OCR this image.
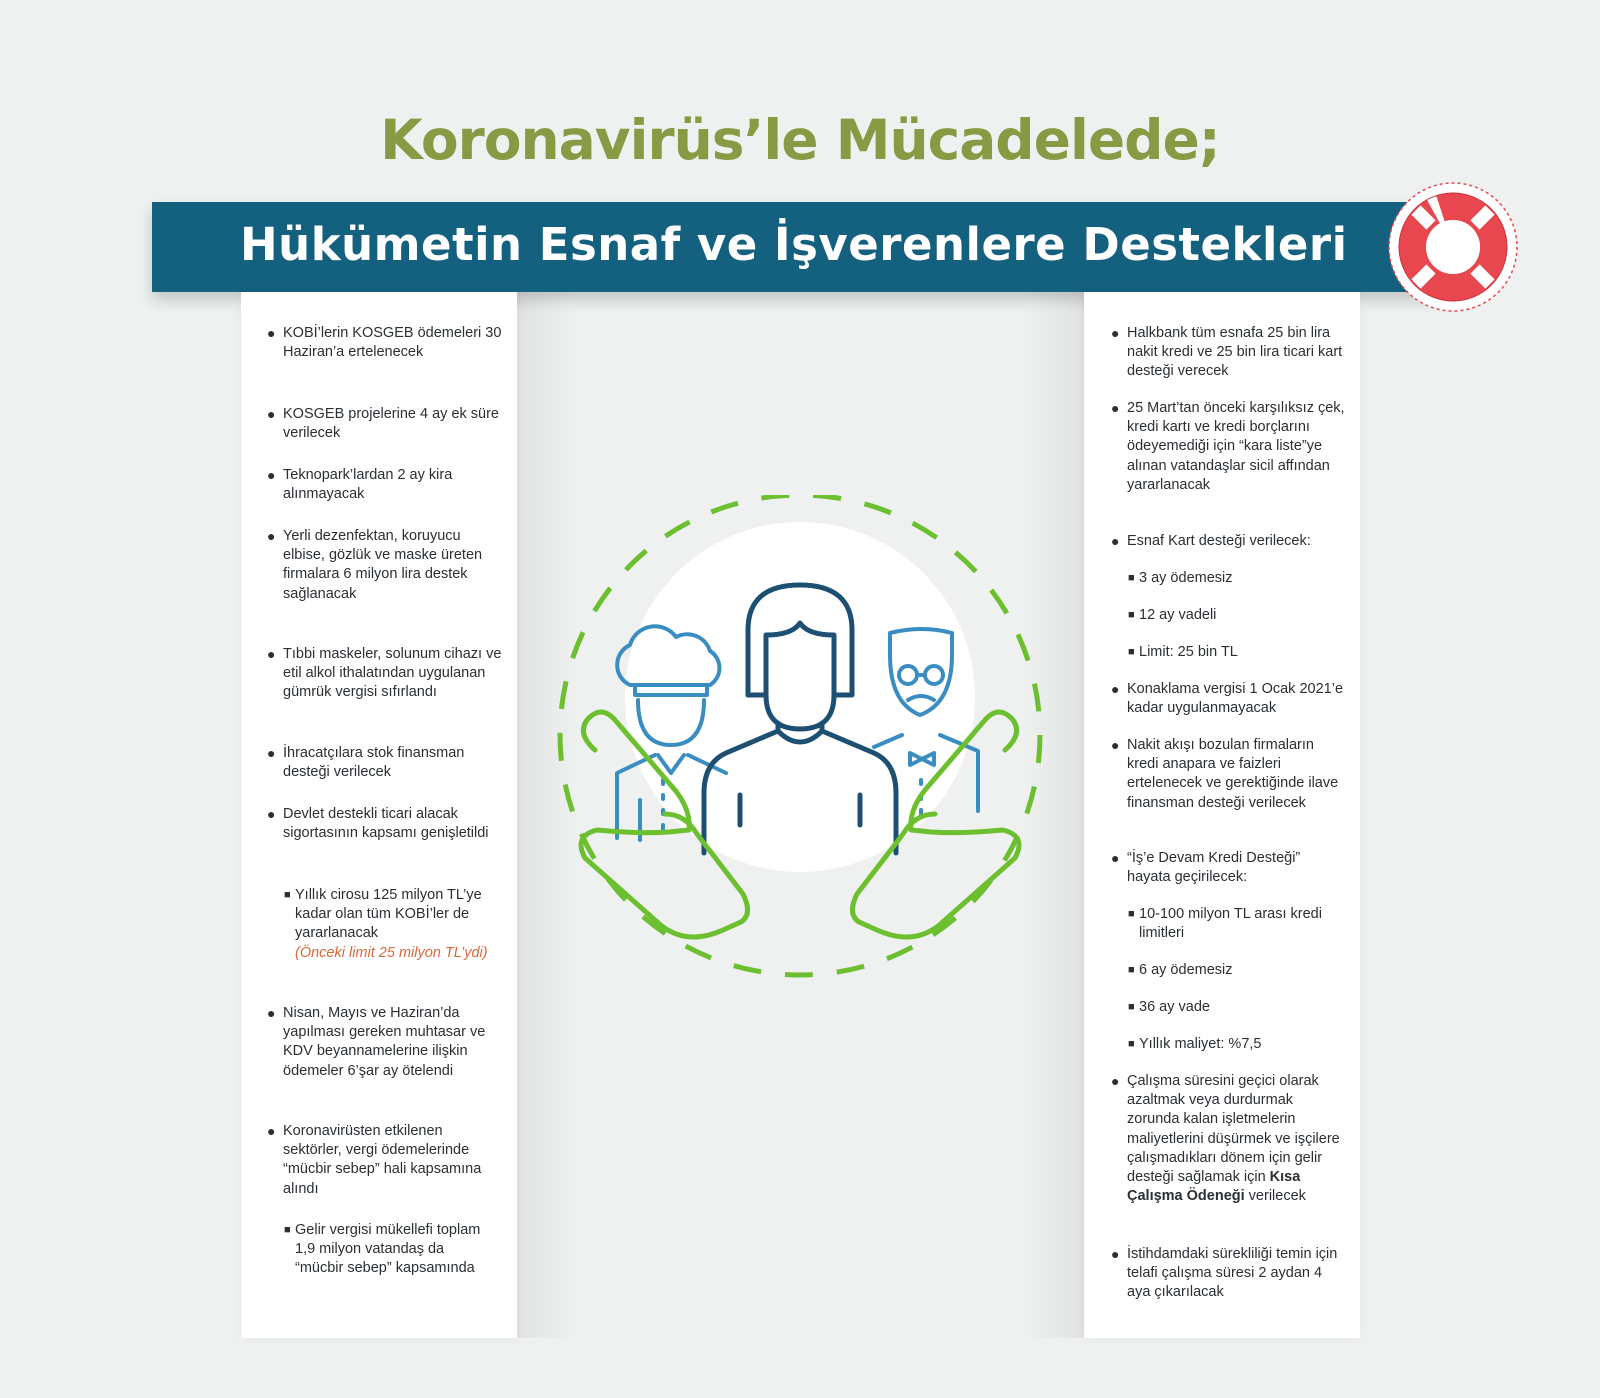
Koronavirüs’le Mücadelede;
Hükümetin Esnaf ve İşverenlere Destekleri
● KOBİ’lerin KOSGEB ödemeleri 30 Haziran’a ertelenecek
● KOSGEB projelerine 4 ay ek süre verilecek
● Teknopark’lardan 2 ay kira alınmayacak
● Yerli dezenfektan, koruyucu elbise, gözlük ve maske üreten firmalara 6 milyon lira destek sağlanacak
● Tıbbi maskeler, solunum cihazı ve etil alkol ithalatından uygulanan gümrük vergisi sıfırlandı
● İhracatçılara stok finansman desteği verilecek
● Devlet destekli ticari alacak sigortasının kapsamı genişletildi
■ Yıllık cirosu 125 milyon TL’ye kadar olan tüm KOBİ’ler de yararlanacak
(Önceki limit 25 milyon TL’ydi)
● Nisan, Mayıs ve Haziran’da yapılması gereken muhtasar ve KDV beyannamelerine ilişkin ödemeler 6’şar ay ötelendi
● Koronavirüsten etkilenen sektörler, vergi ödemelerinde “mücbir sebep” hali kapsamına alındı
■ Gelir vergisi mükellefi toplam 1,9 milyon vatandaş da “mücbir sebep” kapsamında
● Halkbank tüm esnafa 25 bin lira nakit kredi ve 25 bin lira ticari kart desteği verecek
● 25 Mart’tan önceki karşılıksız çek, kredi kartı ve kredi borçlarını ödeyemediği için “kara liste”ye alınan vatandaşlar sicil affından yararlanacak
● Esnaf Kart desteği verilecek:
■ 3 ay ödemesiz
■ 12 ay vadeli
■ Limit: 25 bin TL
● Konaklama vergisi 1 Ocak 2021’e kadar uygulanmayacak
● Nakit akışı bozulan firmaların kredi anapara ve faizleri ertelenecek ve gerektiğinde ilave finansman desteği verilecek
● “İş’e Devam Kredi Desteği” hayata geçirilecek:
■ 10-100 milyon TL arası kredi limitleri
■ 6 ay ödemesiz
■ 36 ay vade
■ Yıllık maliyet: %7,5
● Çalışma süresini geçici olarak azaltmak veya durdurmak zorunda kalan işletmelerin maliyetlerini düşürmek ve işçilere çalışmadıkları dönem için gelir desteği sağlamak için Kısa Çalışma Ödeneği verilecek
● İstihdamdaki sürekliliği temin için telafi çalışma süresi 2 aydan 4 aya çıkarılacak
